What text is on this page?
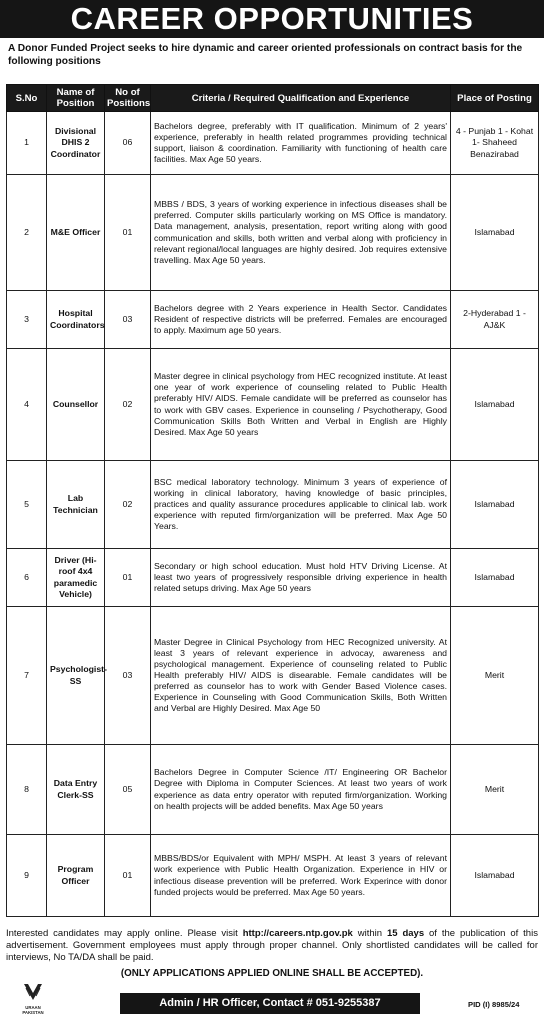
CAREER OPPORTUNITIES
A Donor Funded Project seeks to hire dynamic and career oriented professionals on contract basis for the following positions
S.No	Name of Position	No of Positions	Criteria / Required Qualification and Experience	Place of Posting
1	Divisional DHIS 2 Coordinator	06	Bachelors degree, preferably with IT qualification. Minimum of 2 years' experience, preferably in health related programmes providing technical support, liaison & coordination. Familiarity with functioning of health care facilities. Max Age 50 years.	4 - Punjab 1 - Kohat 1- Shaheed Benazirabad
2	M&E Officer	01	MBBS / BDS, 3 years of working experience in infectious diseases shall be preferred. Computer skills particularly working on MS Office is mandatory. Data management, analysis, presentation, report writing along with good communication and skills, both written and verbal along with proficiency in relevant regional/local languages are highly desired. Job requires extensive travelling. Max Age 50 years.	Islamabad
3	Hospital Coordinators	03	Bachelors degree with 2 Years experience in Health Sector. Candidates Resident of respective districts will be preferred. Females are encouraged to apply. Maximum age 50 years.	2-Hyderabad 1 - AJ&K
4	Counsellor	02	Master degree in clinical psychology from HEC recognized institute. At least one year of work experience of counseling related to Public Health preferably HIV/ AIDS. Female candidate will be preferred as counselor has to work with GBV cases. Experience in counseling / Psychotherapy, Good Communication Skills Both Written and Verbal in English are Highly Desired. Max Age 50 years	Islamabad
5	Lab Technician	02	BSC medical laboratory technology. Minimum 3 years of experience of working in clinical laboratory, having knowledge of basic principles, practices and quality assurance procedures applicable to clinical lab. work experience with reputed firm/organization will be preferred. Max Age 50 Years.	Islamabad
6	Driver (Hi-roof 4x4 paramedic Vehicle)	01	Secondary or high school education. Must hold HTV Driving License. At least two years of progressively responsible driving experience in health related setups driving. Max Age 50 years	Islamabad
7	Psychologist-SS	03	Master Degree in Clinical Psychology from HEC Recognized university. At least 3 years of relevant experience in advocay, awareness and psychological management. Experience of counseling related to Public Health preferably HIV/ AIDS is disearable. Female candidates will be preferred as counselor has to work with Gender Based Violence cases. Experience in Counseling with Good Communication Skills, Both Written and Verbal are Highly Desired. Max Age 50	Merit
8	Data Entry Clerk-SS	05	Bachelors Degree in Computer Science /IT/ Engineering OR Bachelor Degree with Diploma in Computer Sciences. At least two years of work experience as data entry operator with reputed firm/organization. Working on health projects will be added benefits. Max Age 50 years	Merit
9	Program Officer	01	MBBS/BDS/or Equivalent with MPH/ MSPH. At least 3 years of relevant work experience with Public Health Organization. Experience in HIV or infectious disease prevention will be preferred. Work Experince with donor funded projects would be preferred. Max Age 50 years.	Islamabad
Interested candidates may apply online. Please visit http://careers.ntp.gov.pk within 15 days of the publication of this advertisement. Government employees must apply through proper channel. Only shortlisted candidates will be called for interviews, No TA/DA shall be paid.
(ONLY APPLICATIONS APPLIED ONLINE SHALL BE ACCEPTED).
URAAN
PAKISTAN
Admin / HR Officer, Contact # 051-9255387	PID (I) 8985/24
